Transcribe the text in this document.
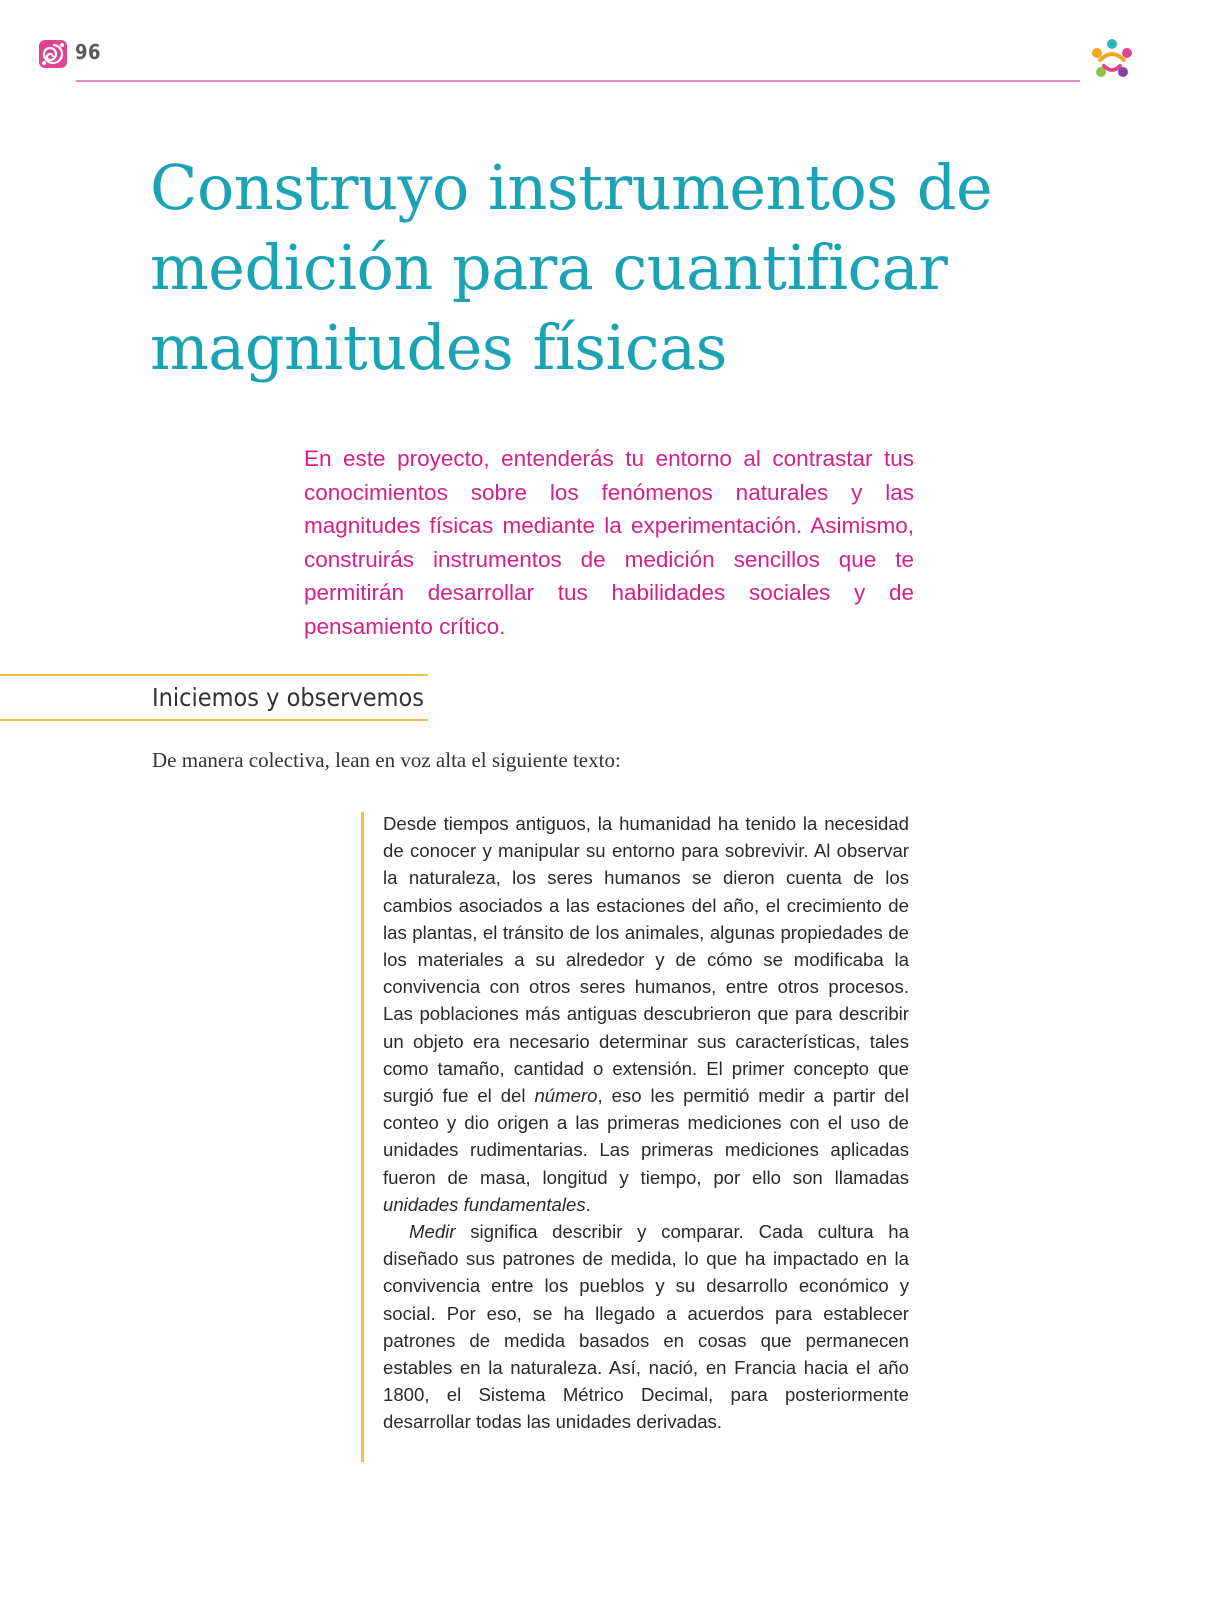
96
Construyo instrumentos de medición para cuantificar magnitudes físicas

En este proyecto, entenderás tu entorno al contrastar tus conocimientos sobre los fenómenos naturales y las magnitudes físicas mediante la experimentación. Asimismo, construirás instrumentos de medición sencillos que te permitirán desarrollar tus habilidades sociales y de pensamiento crítico.

Iniciemos y observemos

De manera colectiva, lean en voz alta el siguiente texto:

Desde tiempos antiguos, la humanidad ha tenido la necesidad de conocer y manipular su entorno para sobrevivir. Al observar la naturaleza, los seres humanos se dieron cuenta de los cambios asociados a las estaciones del año, el crecimiento de las plantas, el tránsito de los animales, algunas propiedades de los materiales a su alrededor y de cómo se modificaba la convivencia con otros seres humanos, entre otros procesos. Las poblaciones más antiguas descubrieron que para describir un objeto era necesario determinar sus características, tales como tamaño, cantidad o extensión. El primer concepto que surgió fue el del número, eso les permitió medir a partir del conteo y dio origen a las primeras mediciones con el uso de unidades rudimentarias. Las primeras mediciones aplicadas fueron de masa, longitud y tiempo, por ello son llamadas unidades fundamentales.

Medir significa describir y comparar. Cada cultura ha diseñado sus patrones de medida, lo que ha impactado en la convivencia entre los pueblos y su desarrollo económico y social. Por eso, se ha llegado a acuerdos para establecer patrones de medida basados en cosas que permanecen estables en la naturaleza. Así, nació, en Francia hacia el año 1800, el Sistema Métrico Decimal, para posteriormente desarrollar todas las unidades derivadas.
